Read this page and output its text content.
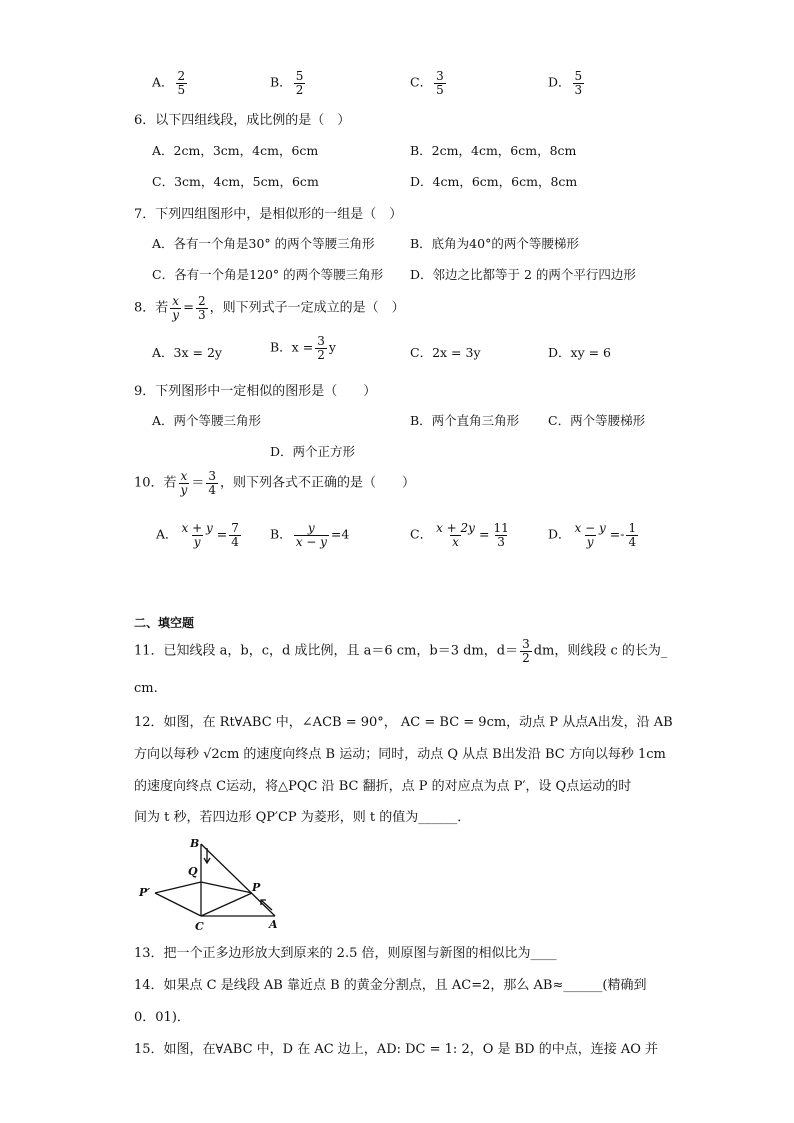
A． $\frac{2}{5}$	B． $\frac{5}{2}$	C． $\frac{3}{5}$	D． $\frac{5}{3}$
6．以下四组线段，成比例的是（　）
A．2cm，3cm，4cm，6cm	B．2cm，4cm，6cm，8cm
C．3cm，4cm，5cm，6cm	D．4cm，6cm，6cm，8cm
7．下列四组图形中，是相似形的一组是（　）
A．各有一个角是30° 的两个等腰三角形	B．底角为40°的两个等腰梯形
C．各有一个角是120° 的两个等腰三角形 D．邻边之比都等于 2 的两个平行四边形
8．若 $\frac{x}{y} = \frac{2}{3}$ ，则下列式子一定成立的是（　）
A．3x = 2y	B．$x = \frac{3}{2}$ y	C．2x = 3y	D．xy = 6
9．下列图形中一定相似的图形是（　　）
A．两个等腰三角形	B．两个直角三角形 C．两个等腰梯形
D．两个正方形
10．若 $\frac{x}{y} = \frac{3}{4}$ ，则下列各式不正确的是（　　）
A． $\frac{x + y}{y} = \frac{7}{4}$ B． $\frac{y}{x - y} =4$	C． $\frac{x + 2y}{x} = \frac{11}{3}$	D． $\frac{x - y}{y} =- \frac{1}{4}$
二、填空题
11．已知线段 a，b，c，d 成比例，且 a＝6 cm，b＝3 dm，$d= \frac{3}{2}$ dm，则线段 c 的长为_
cm.
12．如图，在 Rt∀ABC 中，∠ACB = 90°， AC = BC = 9cm，动点 P 从点A出发，沿 AB
方向以每秒 √2cm 的速度向终点 B 运动；同时，动点 Q 从点 B出发沿 BC 方向以每秒 1cm
的速度向终点 C运动，将△PQC 沿 BC 翻折，点 P 的对应点为点 P′，设 Q点运动的时
间为 t 秒，若四边形 QP′CP 为菱形，则 t 的值为______．
B
Q
P′	P
C	A
13．把一个正多边形放大到原来的 2.5 倍，则原图与新图的相似比为____
14．如果点 C 是线段 AB 靠近点 B 的黄金分割点，且 AC=2，那么 AB≈______(精确到
0．01)．
15．如图，在∀ABC 中，D 在 AC 边上，AD: DC = 1: 2，O 是 BD 的中点，连接 AO 并
